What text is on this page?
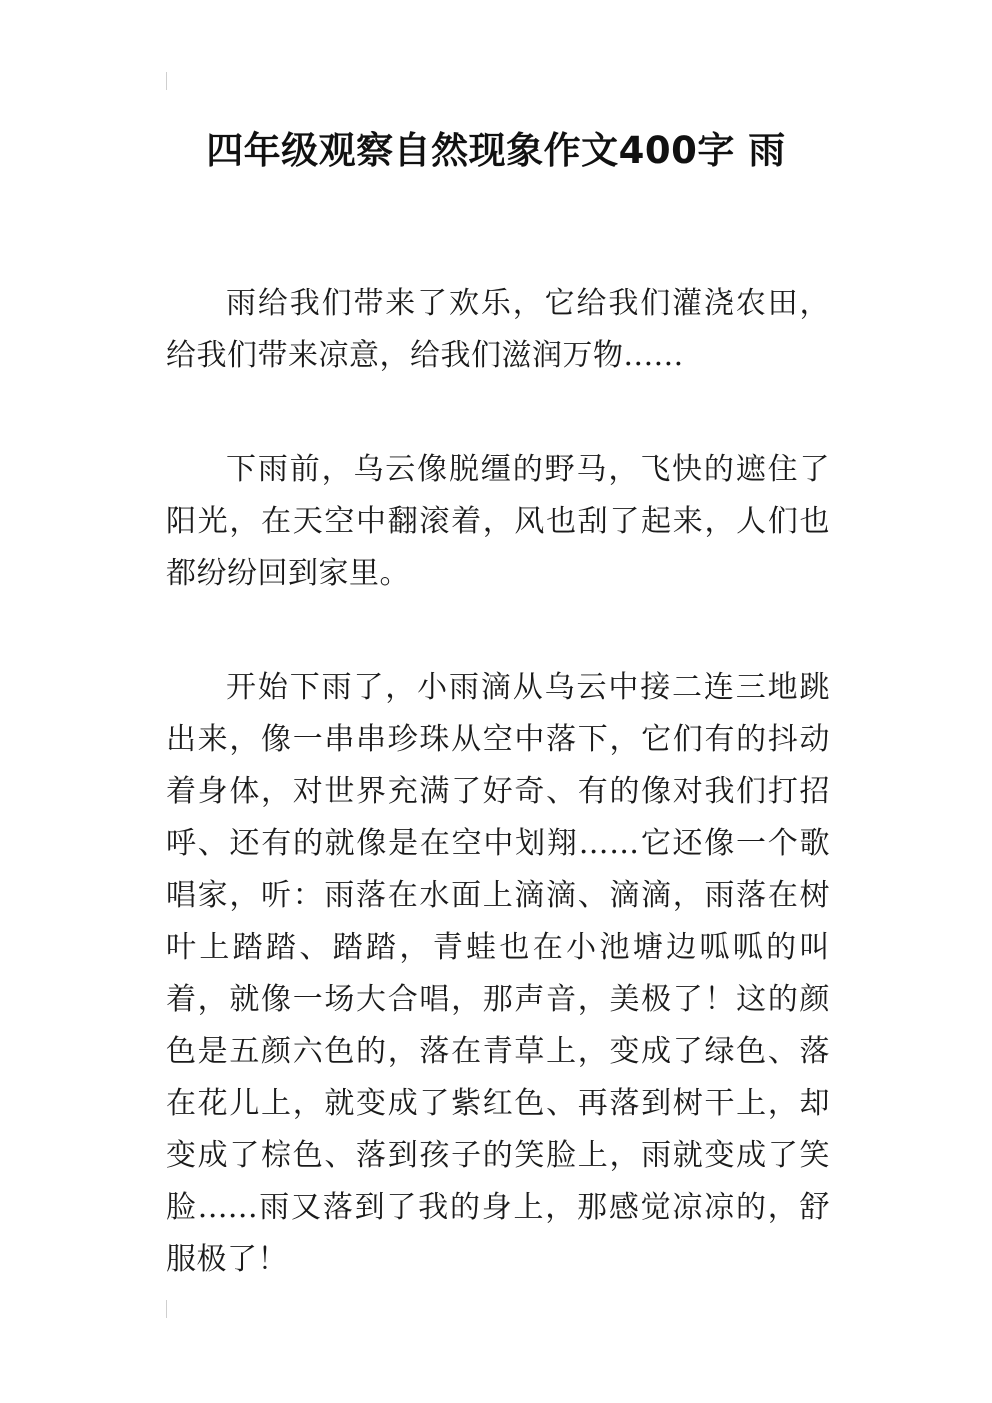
四年级观察自然现象作文400字 雨

雨给我们带来了欢乐，它给我们灌浇农田，给我们带来凉意，给我们滋润万物......

下雨前，乌云像脱缰的野马，飞快的遮住了阳光，在天空中翻滚着，风也刮了起来，人们也都纷纷回到家里。

开始下雨了，小雨滴从乌云中接二连三地跳出来，像一串串珍珠从空中落下，它们有的抖动着身体，对世界充满了好奇、有的像对我们打招呼、还有的就像是在空中划翔……它还像一个歌唱家，听：雨落在水面上滴滴、滴滴，雨落在树叶上踏踏、踏踏，青蛙也在小池塘边呱呱的叫着，就像一场大合唱，那声音，美极了！这的颜色是五颜六色的，落在青草上，变成了绿色、落在花儿上，就变成了紫红色、再落到树干上，却变成了棕色、落到孩子的笑脸上，雨就变成了笑脸......雨又落到了我的身上，那感觉凉凉的，舒服极了！
